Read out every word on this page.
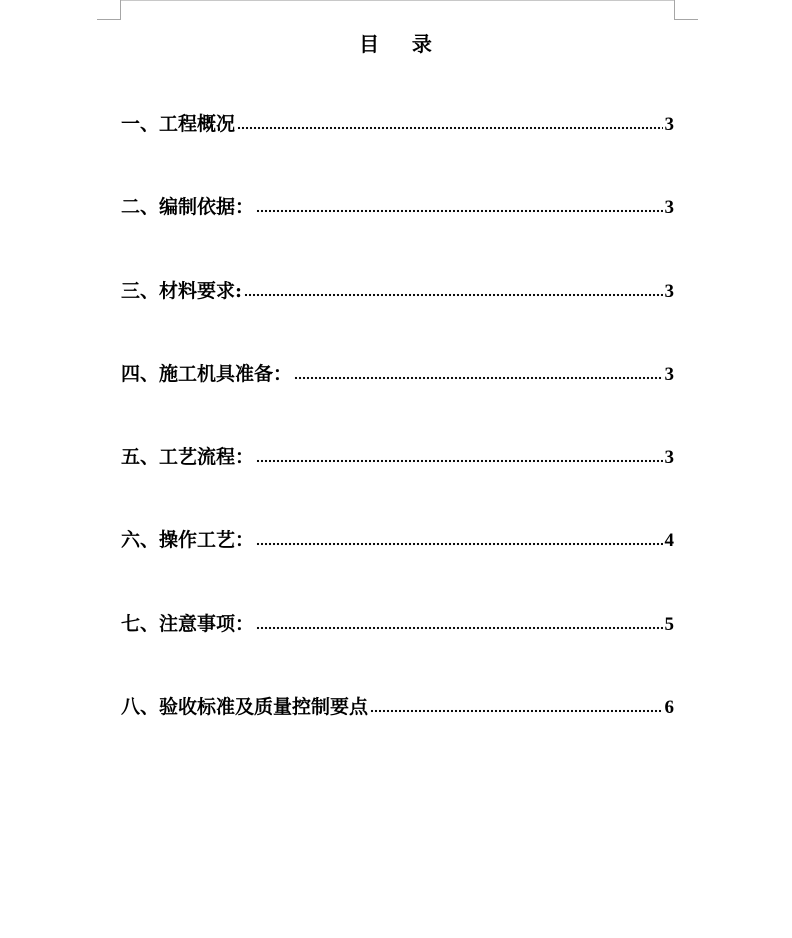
目    录
一、工程概况	3
二、编制依据：	3
三、材料要求:	3
四、施工机具准备：	3
五、工艺流程：	3
六、操作工艺：	4
七、注意事项：	5
八、验收标准及质量控制要点	6
